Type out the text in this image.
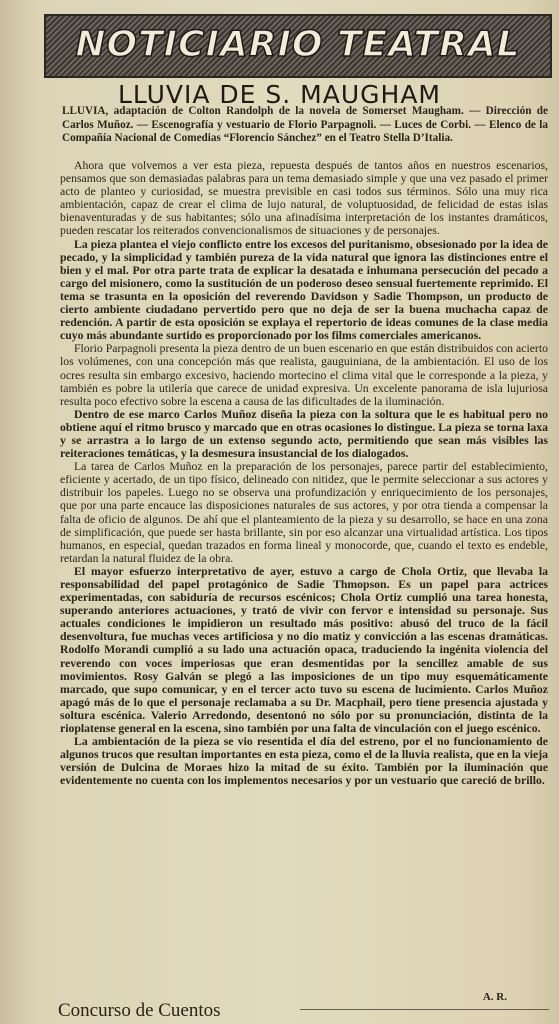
NOTICIARIO TEATRAL
LLUVIA DE S. MAUGHAM
LLUVIA, adaptación de Colton Randolph de la novela de Somerset Maugham. — Dirección de Carlos Muñoz. — Escenografía y vestuario de Florio Parpagnoli. — Luces de Corbi. — Elenco de la Compañía Nacional de Comedias “Florencio Sánchez” en el Teatro Stella D’Italia.

Ahora que volvemos a ver esta pieza, repuesta después de tantos años en nuestros escenarios, pensamos que son demasiadas palabras para un tema demasiado simple y que una vez pasado el primer acto de planteo y curiosidad, se muestra previsible en casi todos sus términos. Sólo una muy rica ambientación, capaz de crear el clima de lujo natural, de voluptuosidad, de felicidad de estas islas bienaventuradas y de sus habitantes; sólo una afinadísima interpretación de los instantes dramáticos, pueden rescatar los reiterados convencionalismos de situaciones y de personajes.

La pieza plantea el viejo conflicto entre los excesos del puritanismo, obsesionado por la idea de pecado, y la simplicidad y también pureza de la vida natural que ignora las distinciones entre el bien y el mal. Por otra parte trata de explicar la desatada e inhumana persecución del pecado a cargo del misionero, como la sustitución de un poderoso deseo sensual fuertemente reprimido. El tema se trasunta en la oposición del reverendo Davidson y Sadie Thompson, un producto de cierto ambiente ciudadano pervertido pero que no deja de ser la buena muchacha capaz de redención. A partir de esta oposición se explaya el repertorio de ideas comunes de la clase media cuyo más abundante surtido es proporcionado por los films comerciales americanos.

Florio Parpagnoli presenta la pieza dentro de un buen escenario en que están distribuidos con acierto los volúmenes, con una concepción más que realista, gauguiniana, de la ambientación. El uso de los ocres resulta sin embargo excesivo, haciendo mortecino el clima vital que le corresponde a la pieza, y también es pobre la utilería que carece de unidad expresiva. Un excelente panorama de isla lujuriosa resulta poco efectivo sobre la escena a causa de las dificultades de la iluminación.

Dentro de ese marco Carlos Muñoz diseña la pieza con la soltura que le es habitual pero no obtiene aquí el ritmo brusco y marcado que en otras ocasiones lo distingue. La pieza se torna laxa y se arrastra a lo largo de un extenso segundo acto, permitiendo que sean más visibles las reiteraciones temáticas, y la desmesura insustancial de los dialogados.

La tarea de Carlos Muñoz en la preparación de los personajes, parece partir del establecimiento, eficiente y acertado, de un tipo físico, delineado con nitidez, que le permite seleccionar a sus actores y distribuir los papeles. Luego no se observa una profundización y enriquecimiento de los personajes, que por una parte encauce las disposiciones naturales de sus actores, y por otra tienda a compensar la falta de oficio de algunos. De ahí que el planteamiento de la pieza y su desarrollo, se hace en una zona de simplificación, que puede ser hasta brillante, sin por eso alcanzar una virtualidad artística. Los tipos humanos, en especial, quedan trazados en forma lineal y monocorde, que, cuando el texto es endeble, retardan la natural fluidez de la obra.

El mayor esfuerzo interpretativo de ayer, estuvo a cargo de Chola Ortiz, que llevaba la responsabilidad del papel protagónico de Sadie Thmopson. Es un papel para actrices experimentadas, con sabiduría de recursos escénicos; Chola Ortiz cumplió una tarea honesta, superando anteriores actuaciones, y trató de vivir con fervor e intensidad su personaje. Sus actuales condiciones le impidieron un resultado más positivo: abusó del truco de la fácil desenvoltura, fue muchas veces artificiosa y no dio matiz y convicción a las escenas dramáticas. Rodolfo Morandi cumplió a su lado una actuación opaca, traduciendo la ingénita violencia del reverendo con voces imperiosas que eran desmentidas por la sencillez amable de sus movimientos. Rosy Galván se plegó a las imposiciones de un tipo muy esquemáticamente marcado, que supo comunicar, y en el tercer acto tuvo su escena de lucimiento. Carlos Muñoz apagó más de lo que el personaje reclamaba a su Dr. Macphail, pero tiene presencia ajustada y soltura escénica. Valerio Arredondo, desentonó no sólo por su pronunciación, distinta de la rioplatense general en la escena, sino también por una falta de vinculación con el juego escénico.

La ambientación de la pieza se vio resentida el día del estreno, por el no funcionamiento de algunos trucos que resultan importantes en esta pieza, como el de la lluvia realista, que en la vieja versión de Dulcina de Moraes hizo la mitad de su éxito. También por la iluminación que evidentemente no cuenta con los implementos necesarios y por un vestuario que careció de brillo.

A. R.
Concurso de Cuentos
